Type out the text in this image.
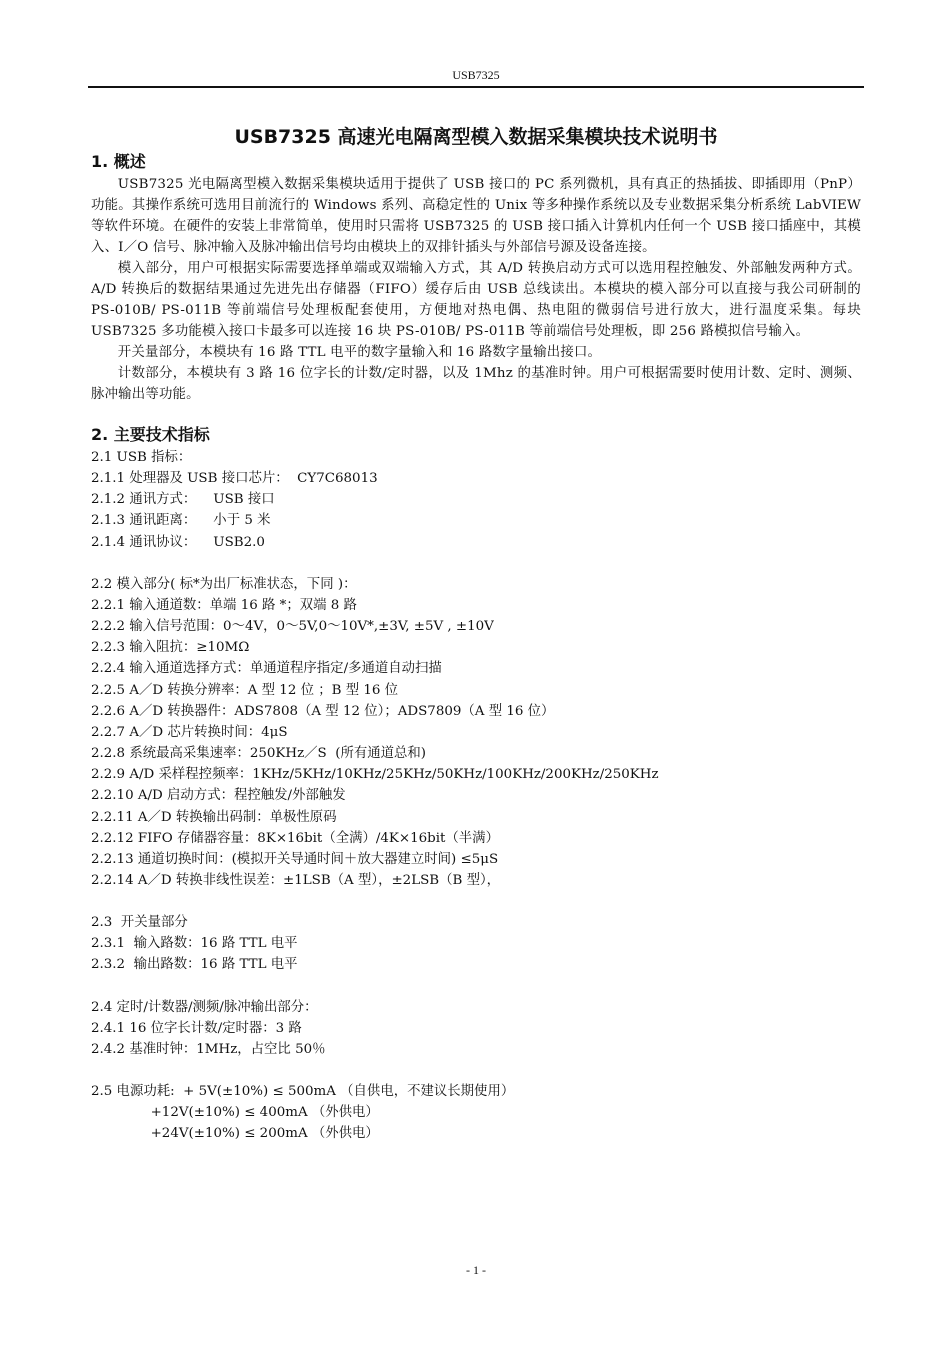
USB7325
USB7325 高速光电隔离型模入数据采集模块技术说明书
1. 概述

USB7325 光电隔离型模入数据采集模块适用于提供了 USB 接口的 PC 系列微机，具有真正的热插拔、即插即用（PnP）功能。其操作系统可选用目前流行的 Windows 系列、高稳定性的 Unix 等多种操作系统以及专业数据采集分析系统 LabVIEW 等软件环境。在硬件的安装上非常简单，使用时只需将 USB7325 的 USB 接口插入计算机内任何一个 USB 接口插座中，其模入、I／O 信号、脉冲输入及脉冲输出信号均由模块上的双排针插头与外部信号源及设备连接。

模入部分，用户可根据实际需要选择单端或双端输入方式，其 A/D 转换启动方式可以选用程控触发、外部触发两种方式。A/D 转换后的数据结果通过先进先出存储器（FIFO）缓存后由 USB 总线读出。本模块的模入部分可以直接与我公司研制的 PS-010B/ PS-011B 等前端信号处理板配套使用，方便地对热电偶、热电阻的微弱信号进行放大，进行温度采集。每块 USB7325 多功能模入接口卡最多可以连接 16 块 PS-010B/ PS-011B 等前端信号处理板，即 256 路模拟信号输入。

开关量部分，本模块有 16 路 TTL 电平的数字量输入和 16 路数字量输出接口。

计数部分，本模块有 3 路 16 位字长的计数/定时器，以及 1Mhz 的基准时钟。用户可根据需要时使用计数、定时、测频、脉冲输出等功能。

2. 主要技术指标

2.1 USB 指标：

2.1.1 处理器及 USB 接口芯片：  CY7C68013

2.1.2 通讯方式：    USB 接口

2.1.3 通讯距离：    小于 5 米

2.1.4 通讯协议：    USB2.0

2.2 模入部分( 标*为出厂标准状态，下同 )：

2.2.1 输入通道数：单端 16 路 *；双端 8 路

2.2.2 输入信号范围：0～4V，0～5V,0～10V*,±3V, ±5V , ±10V

2.2.3 输入阻抗：≥10MΩ

2.2.4 输入通道选择方式：单通道程序指定/多通道自动扫描

2.2.5 A／D 转换分辨率：A 型 12 位 ；B 型 16 位

2.2.6 A／D 转换器件：ADS7808（A 型 12 位）；ADS7809（A 型 16 位）

2.2.7 A／D 芯片转换时间：4μS

2.2.8 系统最高采集速率：250KHz／S  (所有通道总和)

2.2.9 A/D 采样程控频率：1KHz/5KHz/10KHz/25KHz/50KHz/100KHz/200KHz/250KHz

2.2.10 A/D 启动方式：程控触发/外部触发

2.2.11 A／D 转换输出码制：单极性原码

2.2.12 FIFO 存储器容量：8K×16bit（全满）/4K×16bit（半满）

2.2.13 通道切换时间：(模拟开关导通时间＋放大器建立时间) ≤5μS

2.2.14 A／D 转换非线性误差：±1LSB（A 型），±2LSB（B 型），

2.3  开关量部分

2.3.1  输入路数：16 路 TTL 电平

2.3.2  输出路数：16 路 TTL 电平

2.4 定时/计数器/测频/脉冲输出部分：

2.4.1 16 位字长计数/定时器：3 路

2.4.2 基准时钟：1MHz，占空比 50％

2.5 电源功耗:  + 5V(±10%) ≤ 500mA （自供电，不建议长期使用）

+12V(±10%) ≤ 400mA （外供电）

+24V(±10%) ≤ 200mA （外供电）

- 1 -
